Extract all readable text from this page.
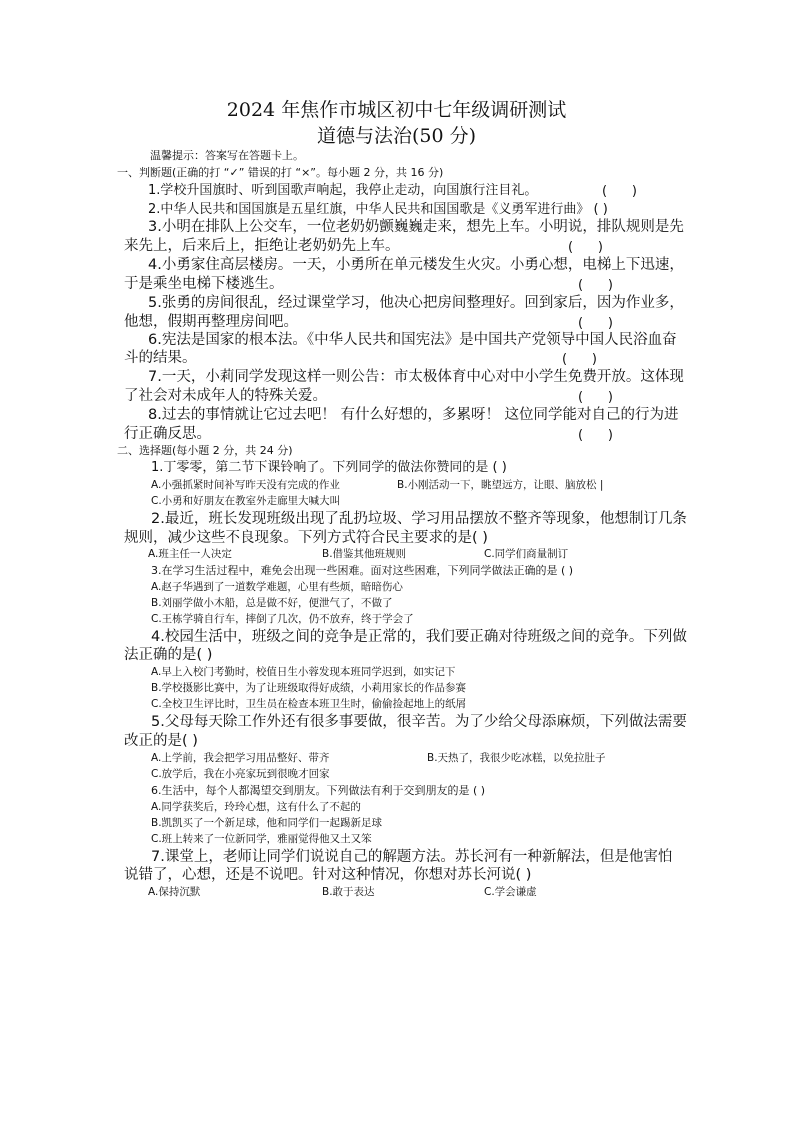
2024 年焦作市城区初中七年级调研测试
道德与法治(50 分)
温馨提示：答案写在答题卡上。
一、判断题(正确的打 “✓” 错误的打 “×”。每小题 2 分，共 16 分)
1.学校升国旗时、听到国歌声响起，我停止走动，向国旗行注目礼。	(      )
2.中华人民共和国国旗是五星红旗，中华人民共和国国歌是《义勇军进行曲》 ( )
3.小明在排队上公交车，一位老奶奶颤巍巍走来，想先上车。小明说，排队规则是先
来先上，后来后上，拒绝让老奶奶先上车。	(      )
4.小勇家住高层楼房。一天，小勇所在单元楼发生火灾。小勇心想，电梯上下迅速，
于是乘坐电梯下楼逃生。	(      )
5.张勇的房间很乱，经过课堂学习，他决心把房间整理好。回到家后，因为作业多，
他想，假期再整理房间吧。	(      )
6.宪法是国家的根本法。《中华人民共和国宪法》是中国共产党领导中国人民浴血奋
斗的结果。	(      )
7.一天，小莉同学发现这样一则公告：市太极体育中心对中小学生免费开放。这体现
了社会对未成年人的特殊关爱。	(      )
8.过去的事情就让它过去吧！ 有什么好想的，多累呀！ 这位同学能对自己的行为进
行正确反思。	(      )
二、选择题(每小题 2 分，共 24 分)
1.丁零零，第二节下课铃响了。下列同学的做法你赞同的是 ( )
A.小强抓紧时间补写昨天没有完成的作业	B.小刚活动一下，眺望远方，让眼、脑放松 |
C.小勇和好朋友在教室外走廊里大喊大叫
2.最近，班长发现班级出现了乱扔垃圾、学习用品摆放不整齐等现象，他想制订几条
规则，减少这些不良现象。下列方式符合民主要求的是( )
A.班主任一人决定	B.借鉴其他班规则	C.同学们商量制订
3.在学习生活过程中，难免会出现一些困难。面对这些困难，下列同学做法正确的是 ( )
A.赵子华遇到了一道数学难题，心里有些烦，暗暗伤心
B.刘丽学做小木船，总是做不好，便泄气了，不做了
C.王栋学骑自行车，摔倒了几次，仍不放弃，终于学会了
4.校园生活中，班级之间的竞争是正常的，我们要正确对待班级之间的竞争。下列做
法正确的是( )
A.早上入校门考勤时，校值日生小蓉发现本班同学迟到，如实记下
B.学校摄影比赛中，为了让班级取得好成绩，小莉用家长的作品参赛
C.全校卫生评比时，卫生员在检查本班卫生时，偷偷捡起地上的纸屑
5.父母每天除工作外还有很多事要做，很辛苦。为了少给父母添麻烦，下列做法需要
改正的是( )
A.上学前，我会把学习用品整好、带齐	B.天热了，我很少吃冰糕，以免拉肚子
C.放学后，我在小亮家玩到很晚才回家
6.生活中，每个人都渴望交到朋友。下列做法有利于交到朋友的是 ( )
A.同学获奖后，玲玲心想，这有什么了不起的
B.凯凯买了一个新足球，他和同学们一起踢新足球
C.班上转来了一位新同学，雅丽觉得他又土又笨
7.课堂上，老师让同学们说说自己的解题方法。苏长河有一种新解法，但是他害怕
说错了，心想，还是不说吧。针对这种情况，你想对苏长河说( )
A.保持沉默	B.敢于表达	C.学会谦虚
